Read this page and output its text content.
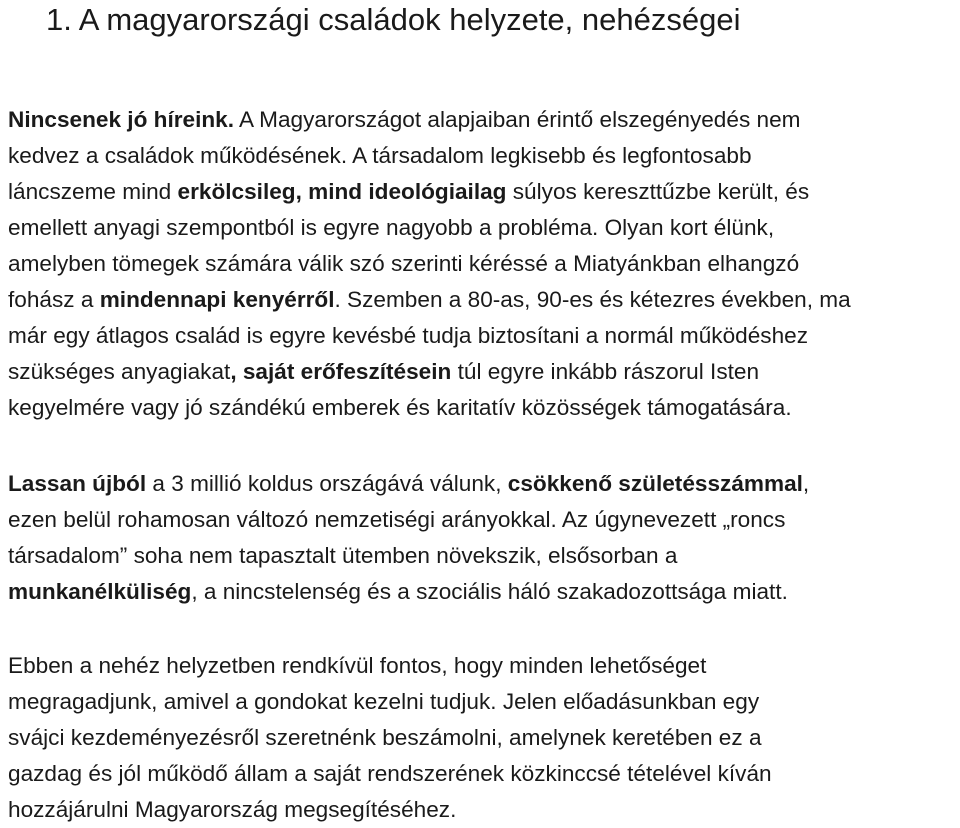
1. A magyarországi családok helyzete, nehézségei
Nincsenek jó híreink. A Magyarországot alapjaiban érintő elszegényedés nem
kedvez a családok működésének. A társadalom legkisebb és legfontosabb
láncszeme mind erkölcsileg, mind ideológiailag súlyos kereszttűzbe került, és
emellett anyagi szempontból is egyre nagyobb a probléma. Olyan kort élünk,
amelyben tömegek számára válik szó szerinti kéréssé a Miatyánkban elhangzó
fohász a mindennapi kenyérről. Szemben a 80-as, 90-es és kétezres években, ma
már egy átlagos család is egyre kevésbé tudja biztosítani a normál működéshez
szükséges anyagiakat, saját erőfeszítésein túl egyre inkább rászorul Isten
kegyelmére vagy jó szándékú emberek és karitatív közösségek támogatására.
Lassan újból a 3 millió koldus országává válunk, csökkenő születésszámmal,
ezen belül rohamosan változó nemzetiségi arányokkal. Az úgynevezett „roncs
társadalom” soha nem tapasztalt ütemben növekszik, elsősorban a
munkanélküliség, a nincstelenség és a szociális háló szakadozottsága miatt.
Ebben a nehéz helyzetben rendkívül fontos, hogy minden lehetőséget
megragadjunk, amivel a gondokat kezelni tudjuk. Jelen előadásunkban egy
svájci kezdeményezésről szeretnénk beszámolni, amelynek keretében ez a
gazdag és jól működő állam a saját rendszerének közkinccsé tételével kíván
hozzájárulni Magyarország megsegítéséhez.
